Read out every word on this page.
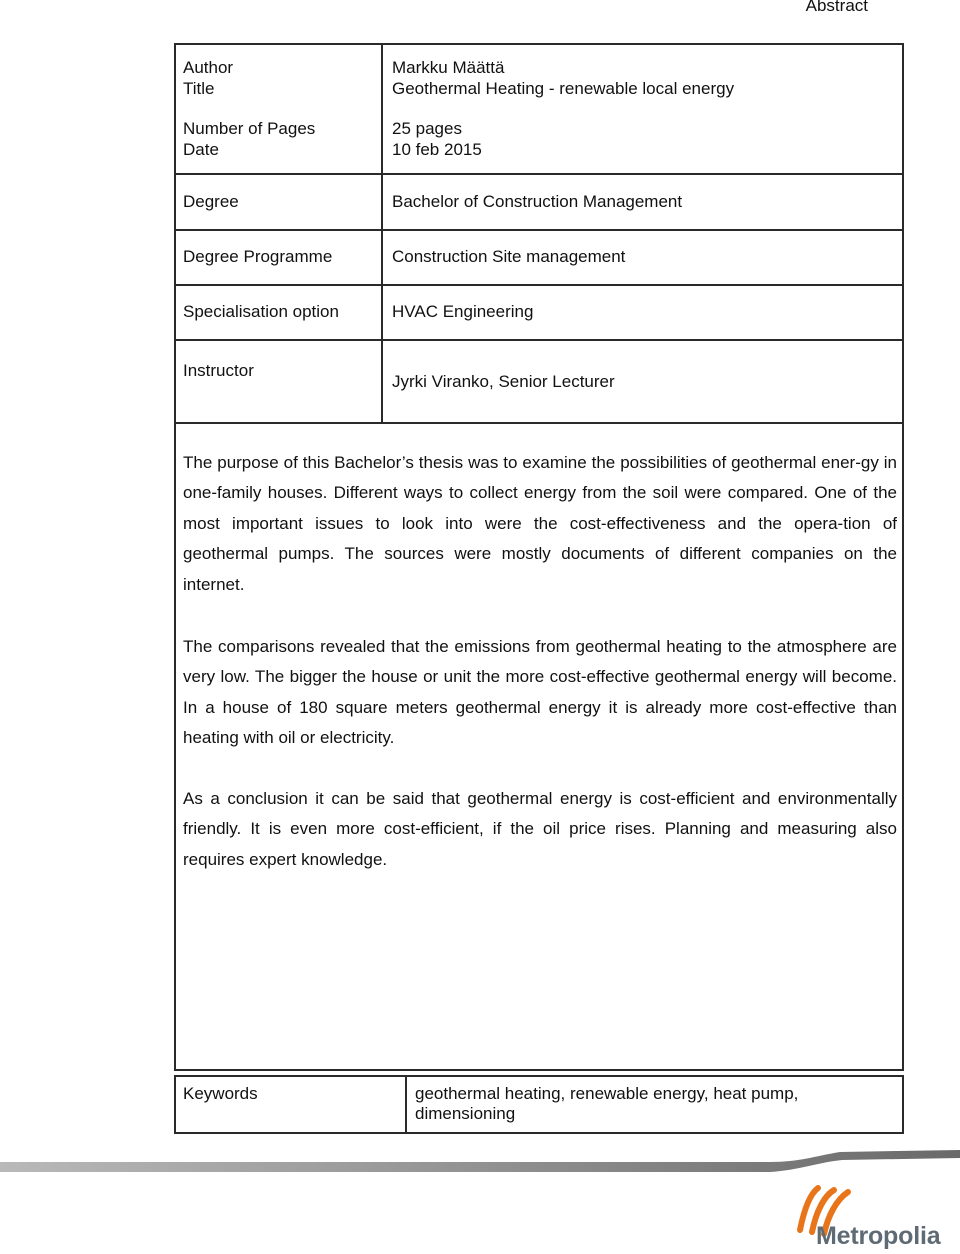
Abstract
Author
Title
Number of Pages
Date
Degree
Degree Programme
Specialisation option
Instructor
Markku Määttä
Geothermal Heating - renewable local energy
25 pages
10 feb 2015
Bachelor of Construction Management
Construction Site management
HVAC Engineering
Jyrki Viranko, Senior Lecturer

The purpose of this Bachelor’s thesis was to examine the possibilities of geothermal ener-gy in one-family houses. Different ways to collect energy from the soil were compared. One of the most important issues to look into were the cost-effectiveness and the opera-tion of geothermal pumps. The sources were mostly documents of different companies on the internet.

The comparisons revealed that the emissions from geothermal heating to the atmosphere are very low. The bigger the house or unit the more cost-effective geothermal energy will become. In a house of 180 square meters geothermal energy it is already more cost-effective than heating with oil or electricity.

As a conclusion it can be said that geothermal energy is cost-efficient and environmentally friendly. It is even more cost-efficient, if the oil price rises. Planning and measuring also requires expert knowledge.

Keywords	geothermal heating, renewable energy, heat pump, dimensioning
Metropolia
